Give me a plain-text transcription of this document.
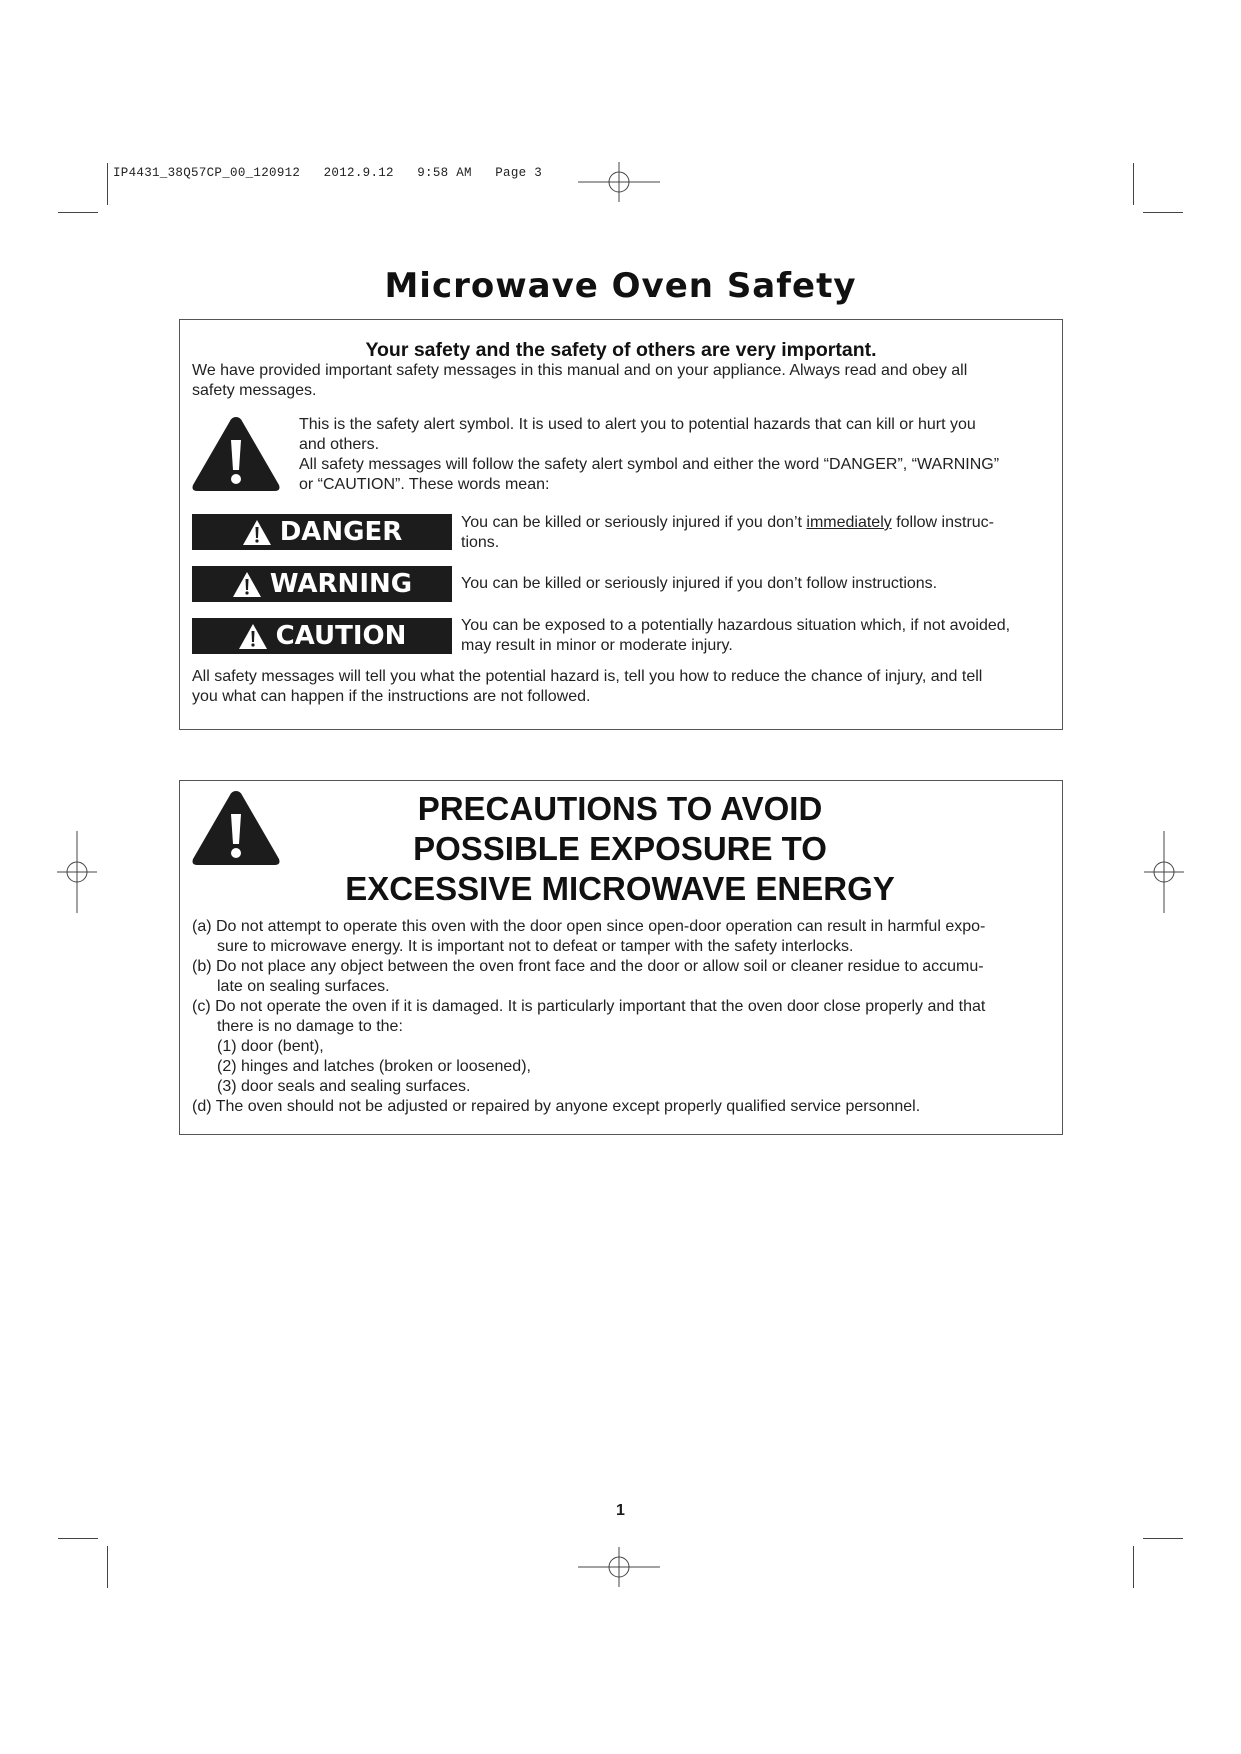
IP4431_38Q57CP_00_120912   2012.9.12   9:58 AM   Page 3
Microwave Oven Safety
Your safety and the safety of others are very important.
We have provided important safety messages in this manual and on your appliance. Always read and obey all
safety messages.
This is the safety alert symbol. It is used to alert you to potential hazards that can kill or hurt you
and others.
All safety messages will follow the safety alert symbol and either the word “DANGER”, “WARNING”
or “CAUTION”. These words mean:
DANGER	You can be killed or seriously injured if you don’t immediately follow instruc-
tions.
WARNING	You can be killed or seriously injured if you don’t follow instructions.
CAUTION	You can be exposed to a potentially hazardous situation which, if not avoided,
may result in minor or moderate injury.
All safety messages will tell you what the potential hazard is, tell you how to reduce the chance of injury, and tell
you what can happen if the instructions are not followed.
PRECAUTIONS TO AVOID
POSSIBLE EXPOSURE TO
EXCESSIVE MICROWAVE ENERGY
(a) Do not attempt to operate this oven with the door open since open-door operation can result in harmful expo-
sure to microwave energy. It is important not to defeat or tamper with the safety interlocks.
(b) Do not place any object between the oven front face and the door or allow soil or cleaner residue to accumu-
late on sealing surfaces.
(c) Do not operate the oven if it is damaged. It is particularly important that the oven door close properly and that
there is no damage to the:
(1) door (bent),
(2) hinges and latches (broken or loosened),
(3) door seals and sealing surfaces.
(d) The oven should not be adjusted or repaired by anyone except properly qualified service personnel.
1
